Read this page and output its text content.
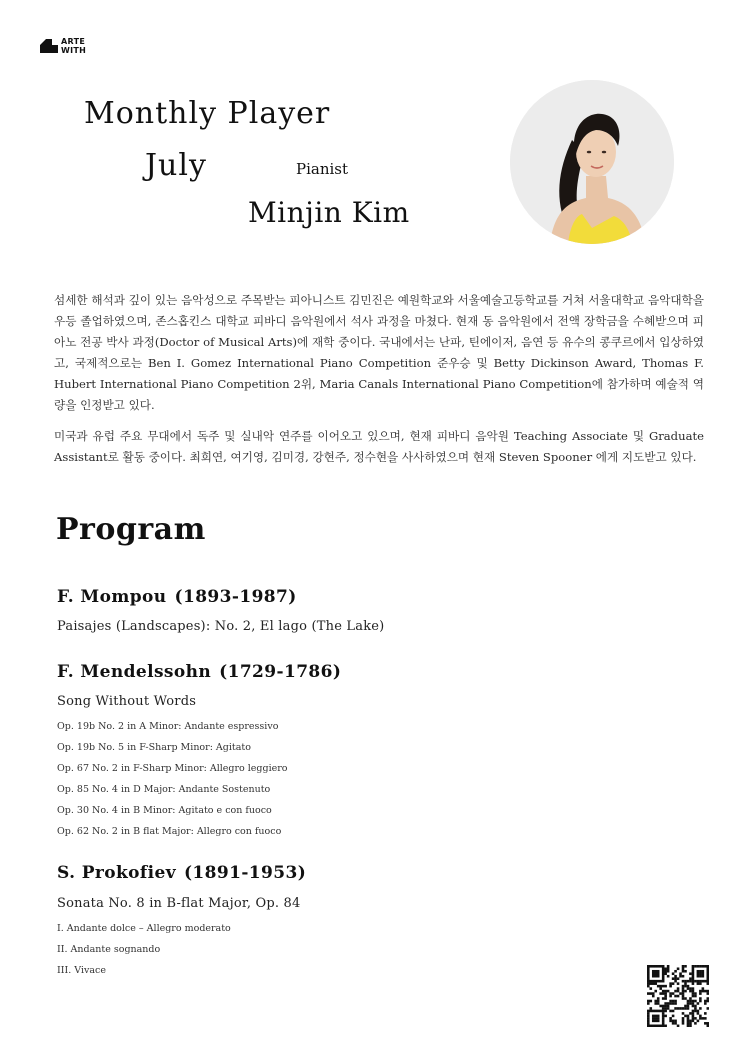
ARTE
WITH
Monthly Player
July	Pianist
Minjin Kim

섬세한 해석과 깊이 있는 음악성으로 주목받는 피아니스트 김민진은 예원학교와 서울예술고등학교를 거쳐 서울대학교 음악대학을 우등 졸업하였으며, 존스홉킨스 대학교 피바디 음악원에서 석사 과정을 마쳤다. 현재 동 음악원에서 전액 장학금을 수혜받으며 피아노 전공 박사 과정(Doctor of Musical Arts)에 재학 중이다. 국내에서는 난파, 틴에이저, 음연 등 유수의 콩쿠르에서 입상하였고, 국제적으로는 Ben I. Gomez International Piano Competition 준우승 및 Betty Dickinson Award, Thomas F. Hubert International Piano Competition 2위, Maria Canals International Piano Competition에 참가하며 예술적 역량을 인정받고 있다.

미국과 유럽 주요 무대에서 독주 및 실내악 연주를 이어오고 있으며, 현재 피바디 음악원 Teaching Associate 및 Graduate Assistant로 활동 중이다. 최희연, 여기영, 김미경, 강현주, 정수현을 사사하였으며 현재 Steven Spooner 에게 지도받고 있다.

Program
F. Mompou (1893-1987)
Paisajes (Landscapes): No. 2, El lago (The Lake)
F. Mendelssohn (1729-1786)
Song Without Words
Op. 19b No. 2 in A Minor: Andante espressivo
Op. 19b No. 5 in F-Sharp Minor: Agitato
Op. 67 No. 2 in F-Sharp Minor: Allegro leggiero
Op. 85 No. 4 in D Major: Andante Sostenuto
Op. 30 No. 4 in B Minor: Agitato e con fuoco
Op. 62 No. 2 in B flat Major: Allegro con fuoco
S. Prokofiev (1891-1953)
Sonata No. 8 in B-flat Major, Op. 84
I. Andante dolce – Allegro moderato
II. Andante sognando
III. Vivace
